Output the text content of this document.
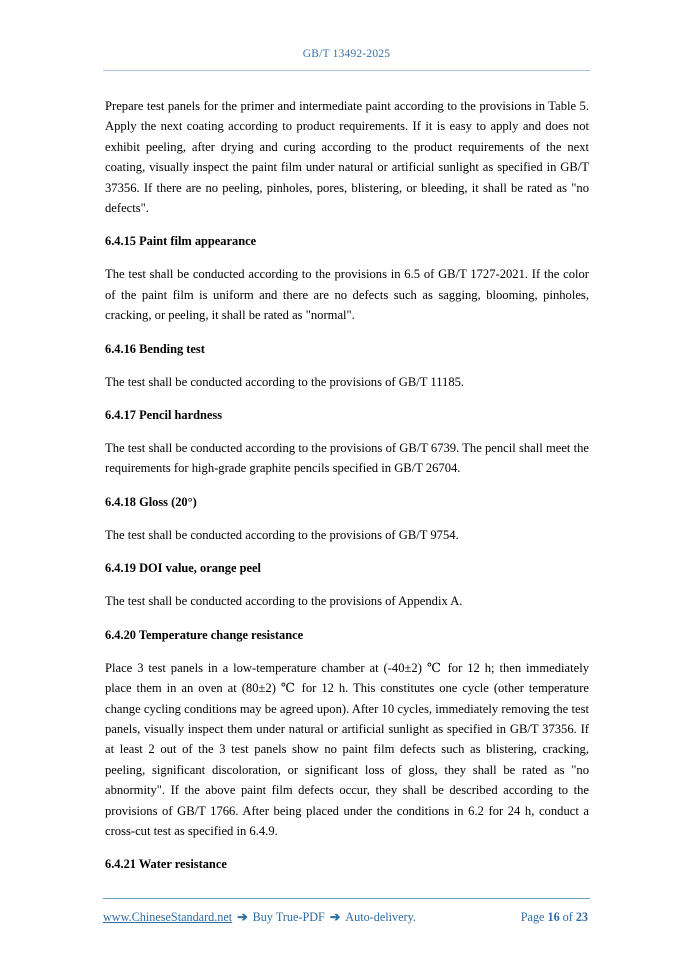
GB/T 13492-2025

Prepare test panels for the primer and intermediate paint according to the provisions in Table 5. Apply the next coating according to product requirements. If it is easy to apply and does not exhibit peeling, after drying and curing according to the product requirements of the next coating, visually inspect the paint film under natural or artificial sunlight as specified in GB/T 37356. If there are no peeling, pinholes, pores, blistering, or bleeding, it shall be rated as "no defects".

6.4.15 Paint film appearance

The test shall be conducted according to the provisions in 6.5 of GB/T 1727-2021. If the color of the paint film is uniform and there are no defects such as sagging, blooming, pinholes, cracking, or peeling, it shall be rated as "normal".

6.4.16 Bending test

The test shall be conducted according to the provisions of GB/T 11185.

6.4.17 Pencil hardness

The test shall be conducted according to the provisions of GB/T 6739. The pencil shall meet the requirements for high-grade graphite pencils specified in GB/T 26704.

6.4.18 Gloss (20°)

The test shall be conducted according to the provisions of GB/T 9754.

6.4.19 DOI value, orange peel

The test shall be conducted according to the provisions of Appendix A.

6.4.20 Temperature change resistance

Place 3 test panels in a low-temperature chamber at (-40±2) ℃ for 12 h; then immediately place them in an oven at (80±2) ℃ for 12 h. This constitutes one cycle (other temperature change cycling conditions may be agreed upon). After 10 cycles, immediately removing the test panels, visually inspect them under natural or artificial sunlight as specified in GB/T 37356. If at least 2 out of the 3 test panels show no paint film defects such as blistering, cracking, peeling, significant discoloration, or significant loss of gloss, they shall be rated as "no abnormity". If the above paint film defects occur, they shall be described according to the provisions of GB/T 1766. After being placed under the conditions in 6.2 for 24 h, conduct a cross-cut test as specified in 6.4.9.

6.4.21 Water resistance

www.ChineseStandard.net ➔ Buy True-PDF ➔ Auto-delivery.	Page 16 of 23
